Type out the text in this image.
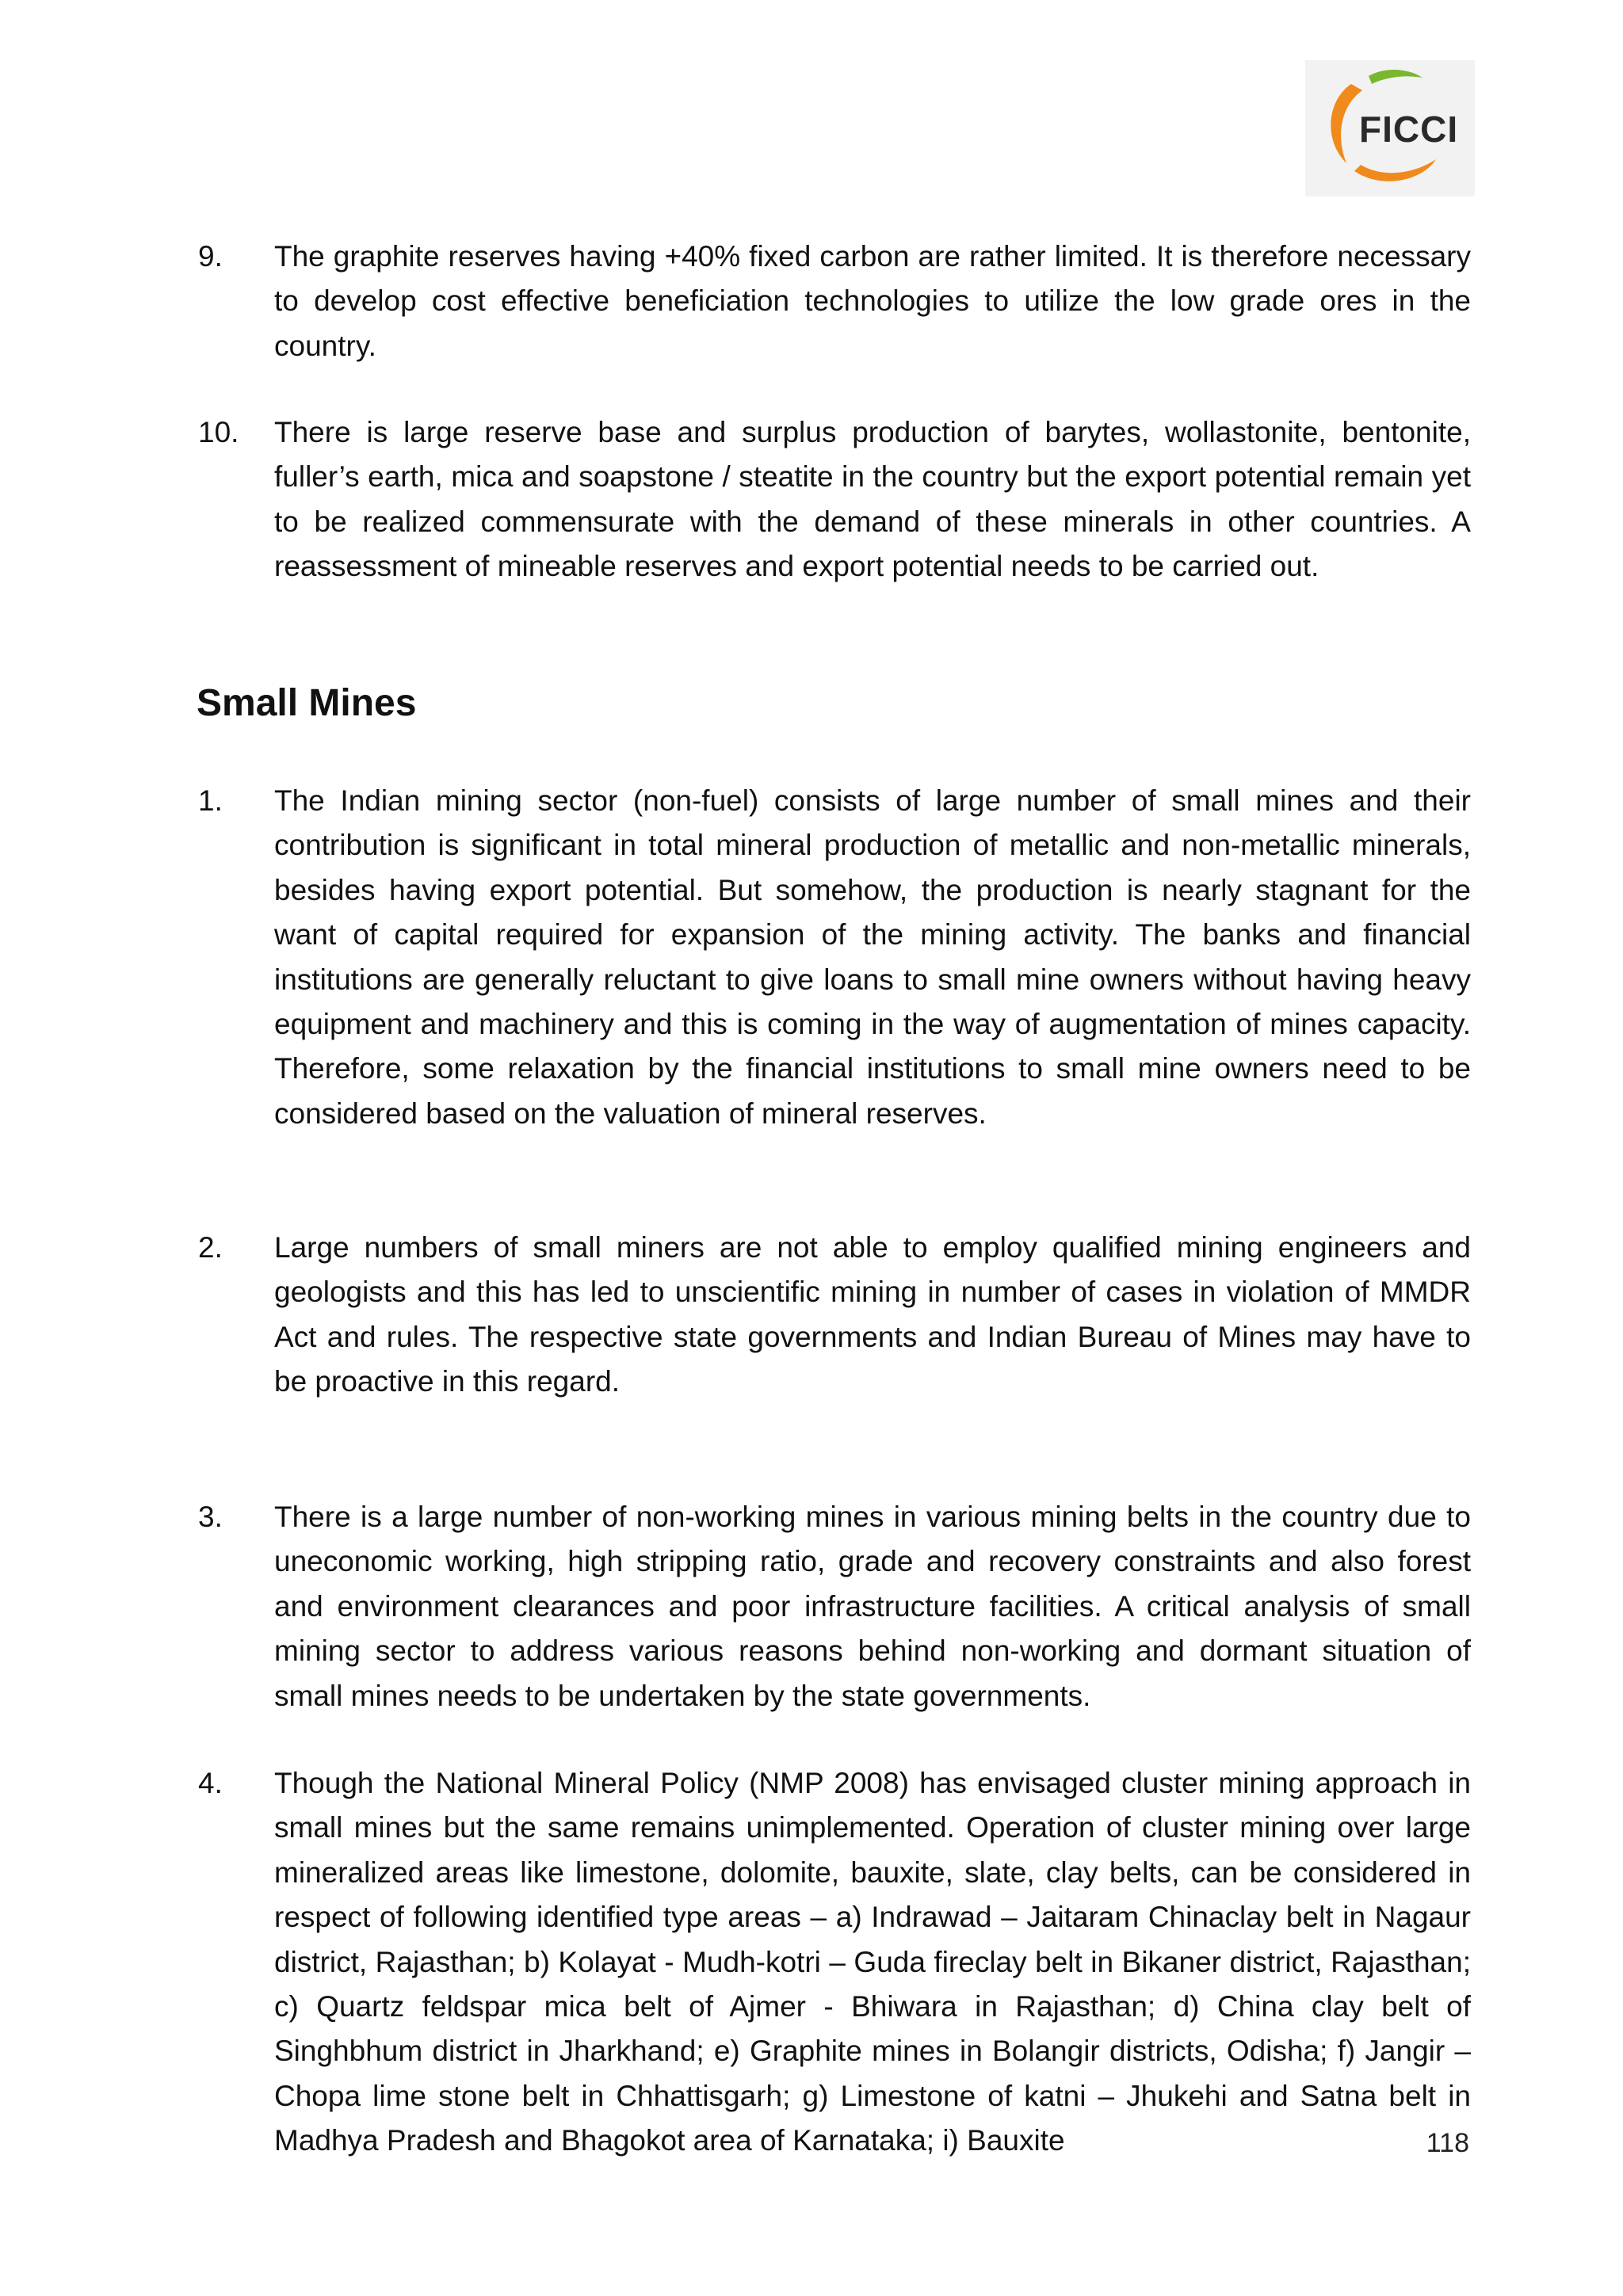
FICCI
9.	The graphite reserves having +40% fixed carbon are rather limited. It is therefore necessary to develop cost effective beneficiation technologies to utilize the low grade ores in the country.
10.	There is large reserve base and surplus production of barytes, wollastonite, bentonite, fuller’s earth, mica and soapstone / steatite in the country but the export potential remain yet to be realized commensurate with the demand of these minerals in other countries. A reassessment of mineable reserves and export potential needs to be carried out.
Small Mines
1.	The Indian mining sector (non-fuel) consists of large number of small mines and their contribution is significant in total mineral production of metallic and non-metallic minerals, besides having export potential. But somehow, the production is nearly stagnant for the want of capital required for expansion of the mining activity. The banks and financial institutions are generally reluctant to give loans to small mine owners without having heavy equipment and machinery and this is coming in the way of augmentation of mines capacity. Therefore, some relaxation by the financial institutions to small mine owners need to be considered based on the valuation of mineral reserves.
2.	Large numbers of small miners are not able to employ qualified mining engineers and geologists and this has led to unscientific mining in number of cases in violation of MMDR Act and rules. The respective state governments and Indian Bureau of Mines may have to be proactive in this regard.
3.	There is a large number of non-working mines in various mining belts in the country due to uneconomic working, high stripping ratio, grade and recovery constraints and also forest and environment clearances and poor infrastructure facilities. A critical analysis of small mining sector to address various reasons behind non-working and dormant situation of small mines needs to be undertaken by the state governments.
4.	Though the National Mineral Policy (NMP 2008) has envisaged cluster mining approach in small mines but the same remains unimplemented. Operation of cluster mining over large mineralized areas like limestone, dolomite, bauxite, slate, clay belts, can be considered in respect of following identified type areas – a) Indrawad – Jaitaram Chinaclay belt in Nagaur district, Rajasthan; b) Kolayat - Mudh-kotri – Guda fireclay belt in Bikaner district, Rajasthan; c) Quartz feldspar mica belt of Ajmer - Bhiwara in Rajasthan; d) China clay belt of Singhbhum district in Jharkhand; e) Graphite mines in Bolangir districts, Odisha; f) Jangir – Chopa lime stone belt in Chhattisgarh; g) Limestone of katni – Jhukehi and Satna belt in Madhya Pradesh and Bhagokot area of Karnataka; i) Bauxite	118
